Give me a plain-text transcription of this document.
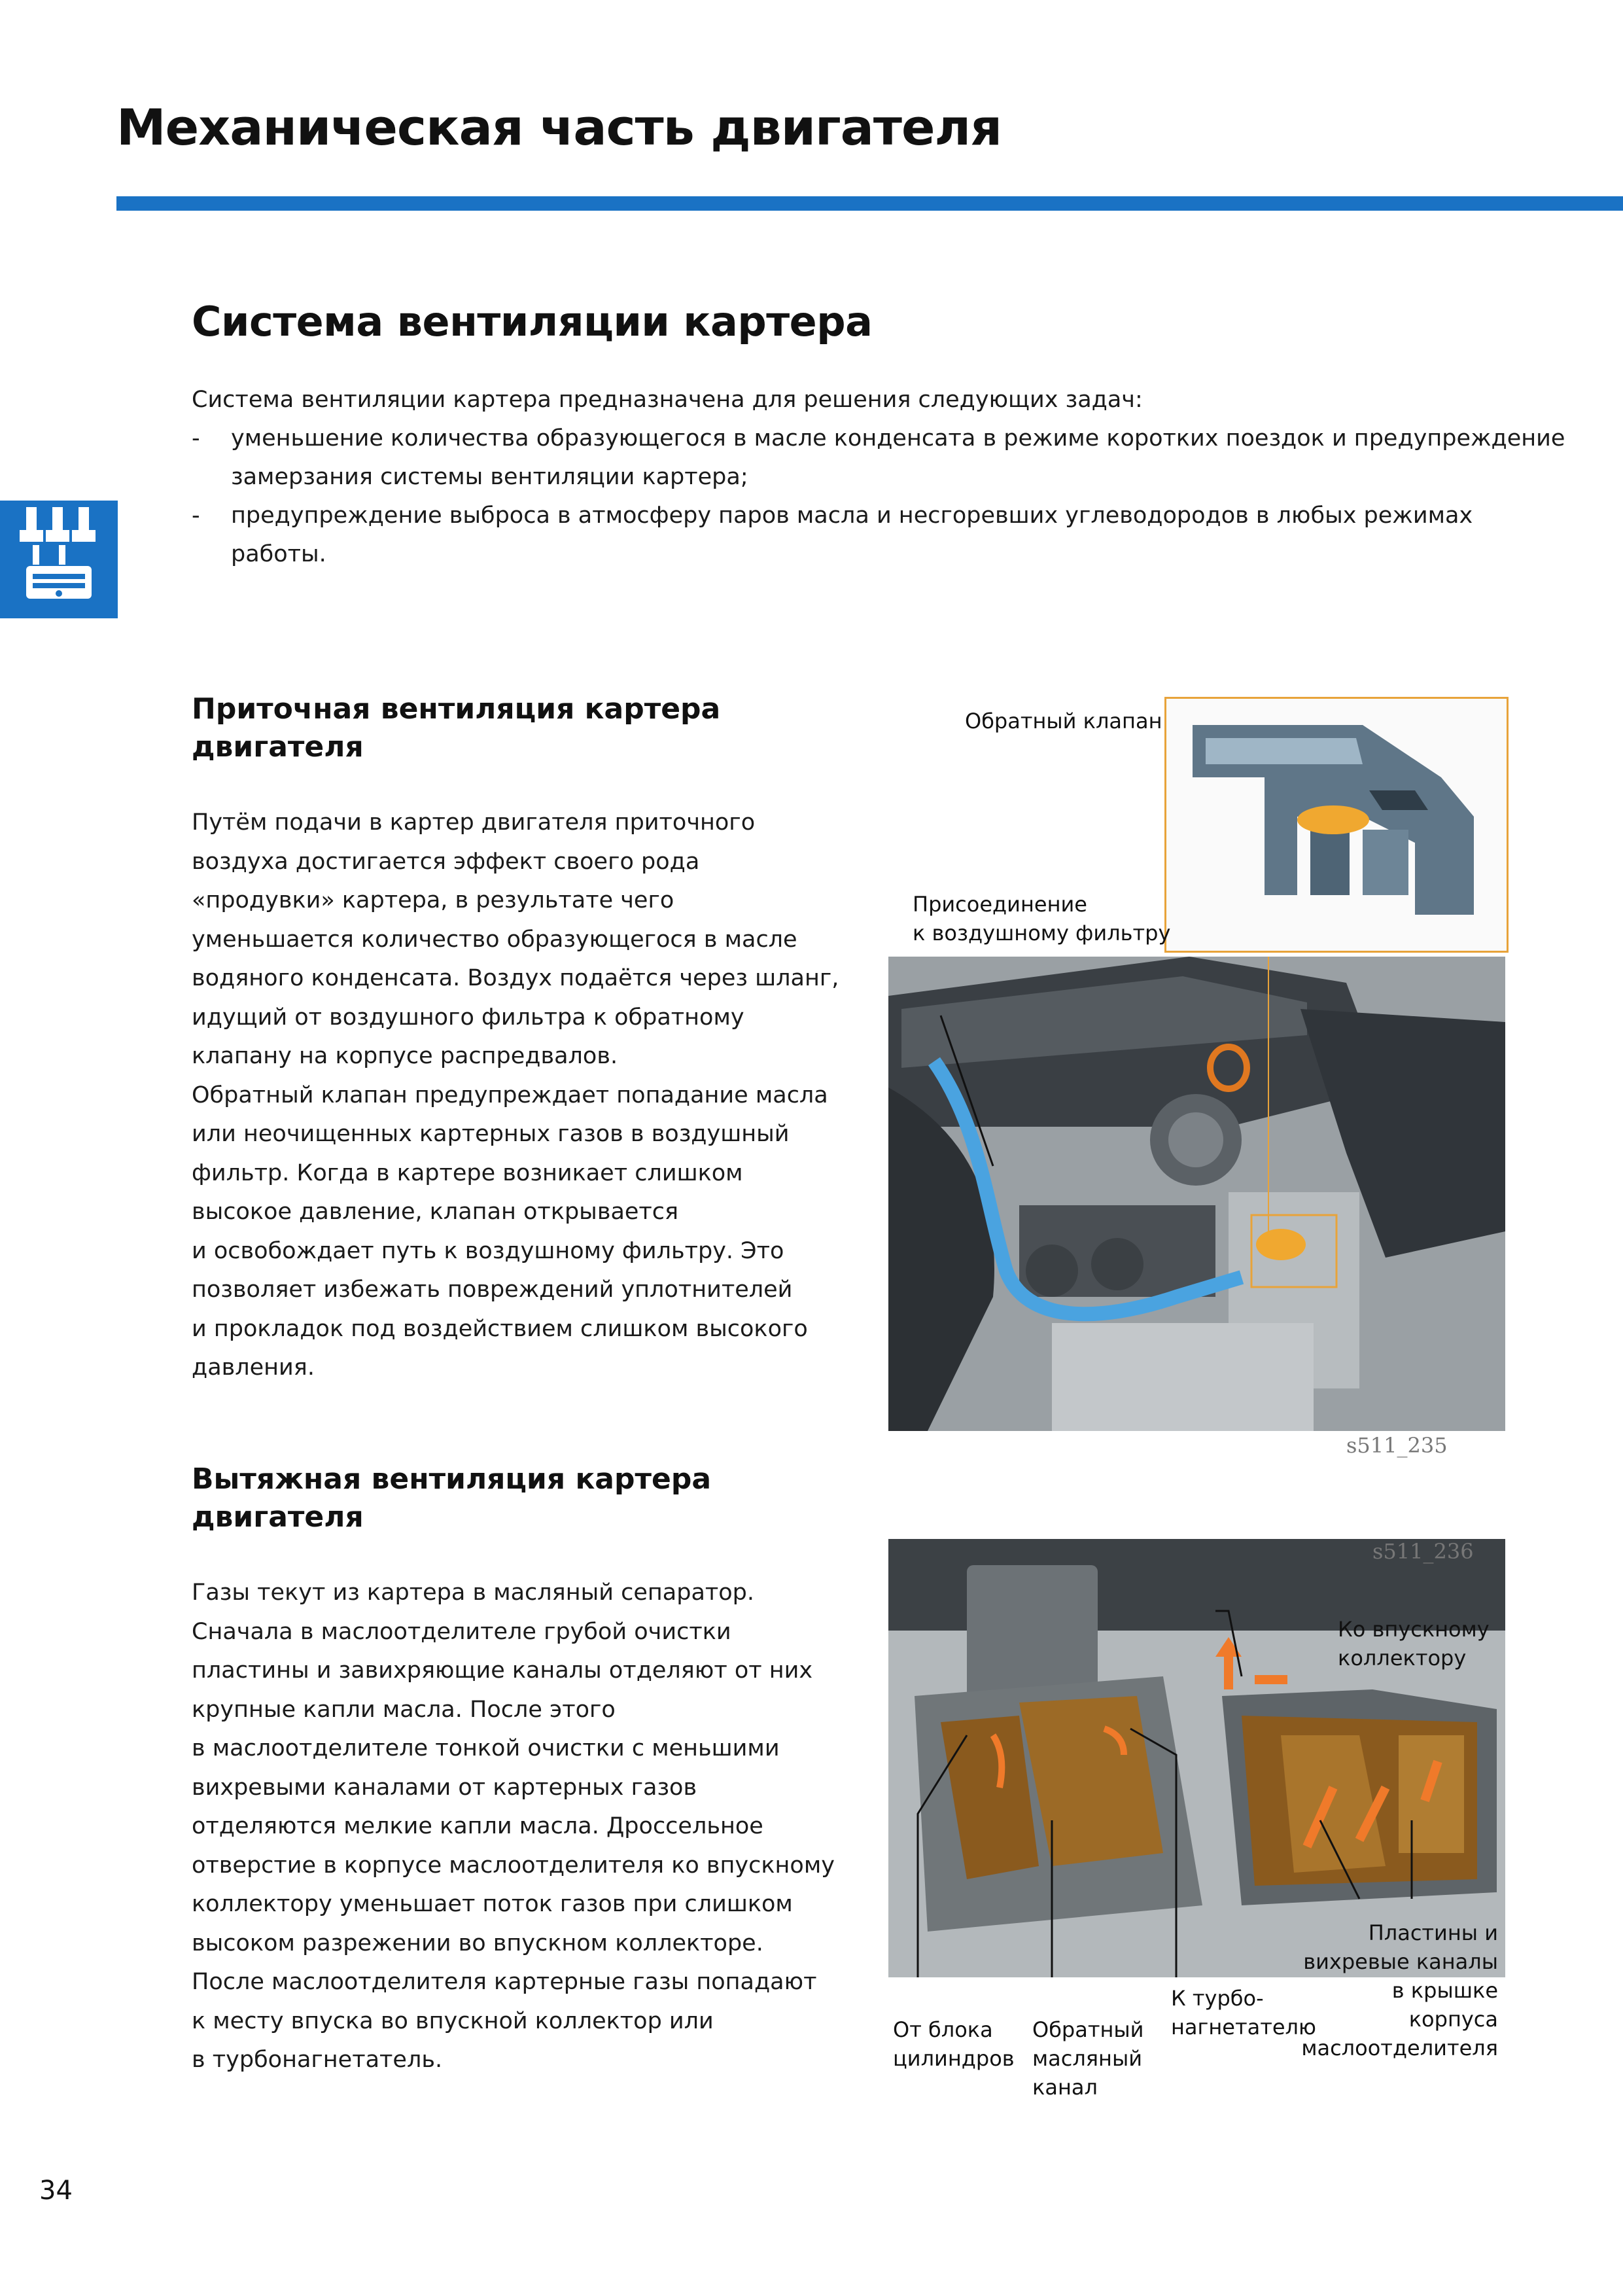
Механическая часть двигателя
Система вентиляции картера
Система вентиляции картера предназначена для решения следующих задач:
- уменьшение количества образующегося в масле конденсата в режиме коротких поездок и предупреждение замерзания системы вентиляции картера;
- предупреждение выброса в атмосферу паров масла и несгоревших углеводородов в любых режимах работы.
Приточная вентиляция картера двигателя
Путём подачи в картер двигателя приточного
воздуха достигается эффект своего рода
«продувки» картера, в результате чего
уменьшается количество образующегося в масле
водяного конденсата. Воздух подаётся через шланг,
идущий от воздушного фильтра к обратному
клапану на корпусе распредвалов.
Обратный клапан предупреждает попадание масла
или неочищенных картерных газов в воздушный
фильтр. Когда в картере возникает слишком
высокое давление, клапан открывается
и освобождает путь к воздушному фильтру. Это
позволяет избежать повреждений уплотнителей
и прокладок под воздействием слишком высокого
давления.
Вытяжная вентиляция картера двигателя
Газы текут из картера в масляный сепаратор.
Сначала в маслоотделителе грубой очистки
пластины и завихряющие каналы отделяют от них
крупные капли масла. После этого
в маслоотделителе тонкой очистки с меньшими
вихревыми каналами от картерных газов
отделяются мелкие капли масла. Дроссельное
отверстие в корпусе маслоотделителя ко впускному
коллектору уменьшает поток газов при слишком
высоком разрежении во впускном коллекторе.
После маслоотделителя картерные газы попадают
к месту впуска во впускной коллектор или
в турбонагнетатель.
Обратный клапан
Присоединение
к воздушному фильтру
s511_235
s511_236
Ко впускному
коллектору
Пластины и
вихревые каналы
в крышке
корпуса
маслоотделителя
От блока
цилиндров
Обратный
масляный
канал
К турбо-
нагнетателю
34
